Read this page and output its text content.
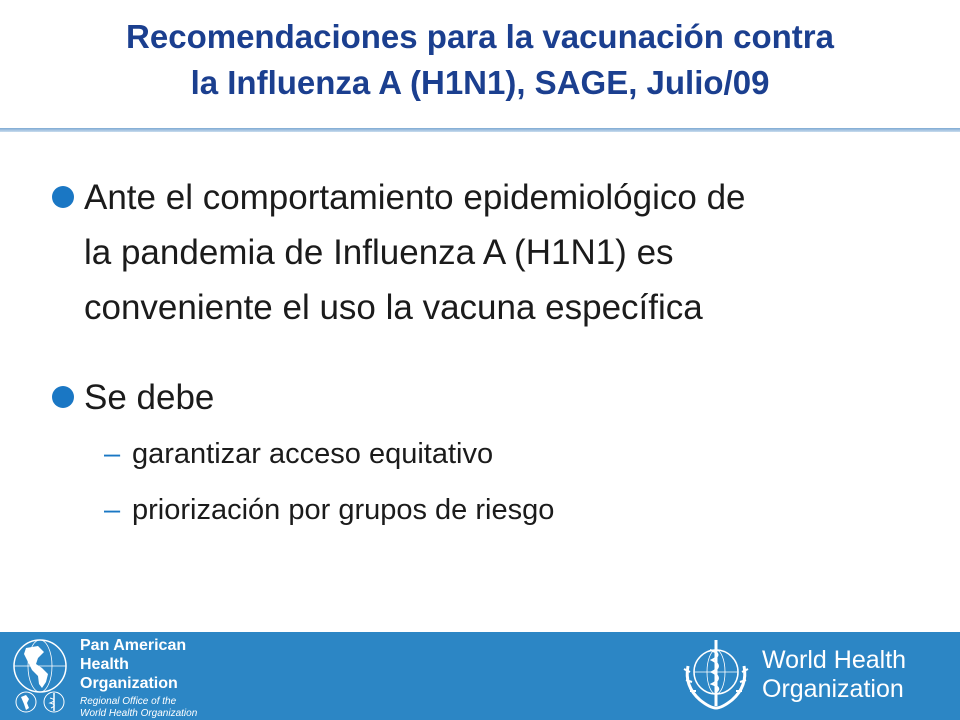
Recomendaciones para la vacunación contra
la Influenza A (H1N1), SAGE, Julio/09
Ante el comportamiento epidemiológico de
la pandemia de Influenza A (H1N1) es
conveniente el uso la vacuna específica
Se debe
– garantizar acceso equitativo
– priorización por grupos de riesgo
Pan American
Health
Organization
Regional Office of the
World Health Organization
World Health
Organization
